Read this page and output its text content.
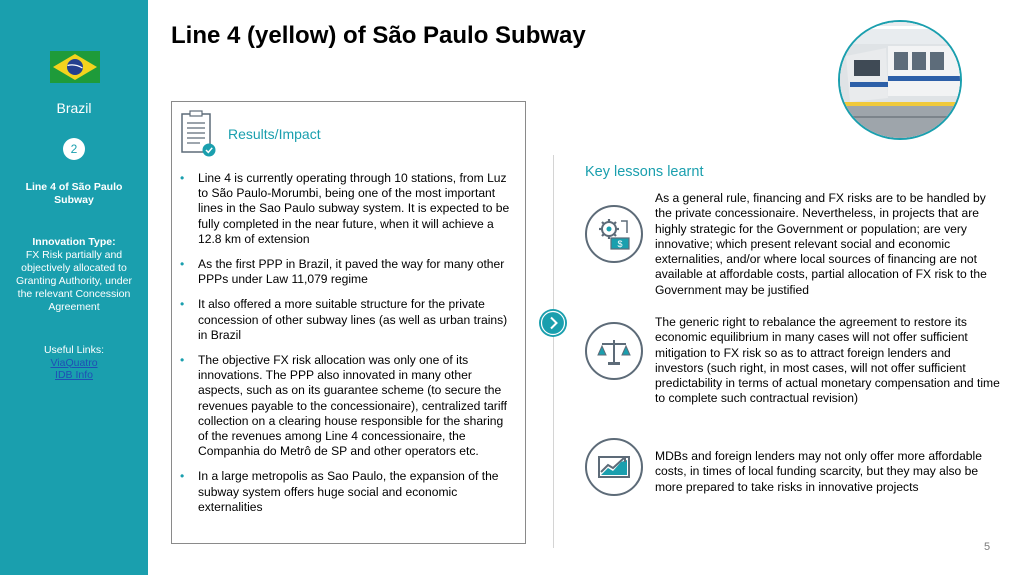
Brazil
2
Line 4 of São Paulo Subway
Innovation Type:
FX Risk partially and objectively allocated to Granting Authority, under the relevant Concession Agreement
Useful Links:
ViaQuatro
IDB Info
Line 4 (yellow) of São Paulo Subway
Results/Impact
• Line 4 is currently operating through 10 stations, from Luz to São Paulo-Morumbi, being one of the most important lines in the Sao Paulo subway system. It is expected to be fully completed in the near future, when it will achieve a 12.8 km of extension
• As the first PPP in Brazil, it paved the way for many other PPPs under Law 11,079 regime
• It also offered a more suitable structure for the private concession of other subway lines (as well as urban trains) in Brazil
• The objective FX risk allocation was only one of its innovations. The PPP also innovated in many other aspects, such as on its guarantee scheme (to secure the revenues payable to the concessionaire), centralized tariff collection on a clearing house responsible for the sharing of the revenues among Line 4 concessionaire, the Companhia do Metrô de SP and other operators etc.
• In a large metropolis as Sao Paulo, the expansion of the subway system offers huge social and economic externalities
Key lessons learnt
$
As a general rule, financing and FX risks are to be handled by the private concessionaire. Nevertheless, in projects that are highly strategic for the Government or population; are very innovative; which present relevant social and economic externalities, and/or where local sources of financing are not available at affordable costs, partial allocation of FX risk to the Government may be justified
The generic right to rebalance the agreement to restore its economic equilibrium in many cases will not offer sufficient mitigation to FX risk so as to attract foreign lenders and investors (such right, in most cases, will not offer sufficient predictability in terms of actual monetary compensation and time to complete such contractual revision)
MDBs and foreign lenders may not only offer more affordable costs, in times of local funding scarcity, but they may also be more prepared to take risks in innovative projects
5
